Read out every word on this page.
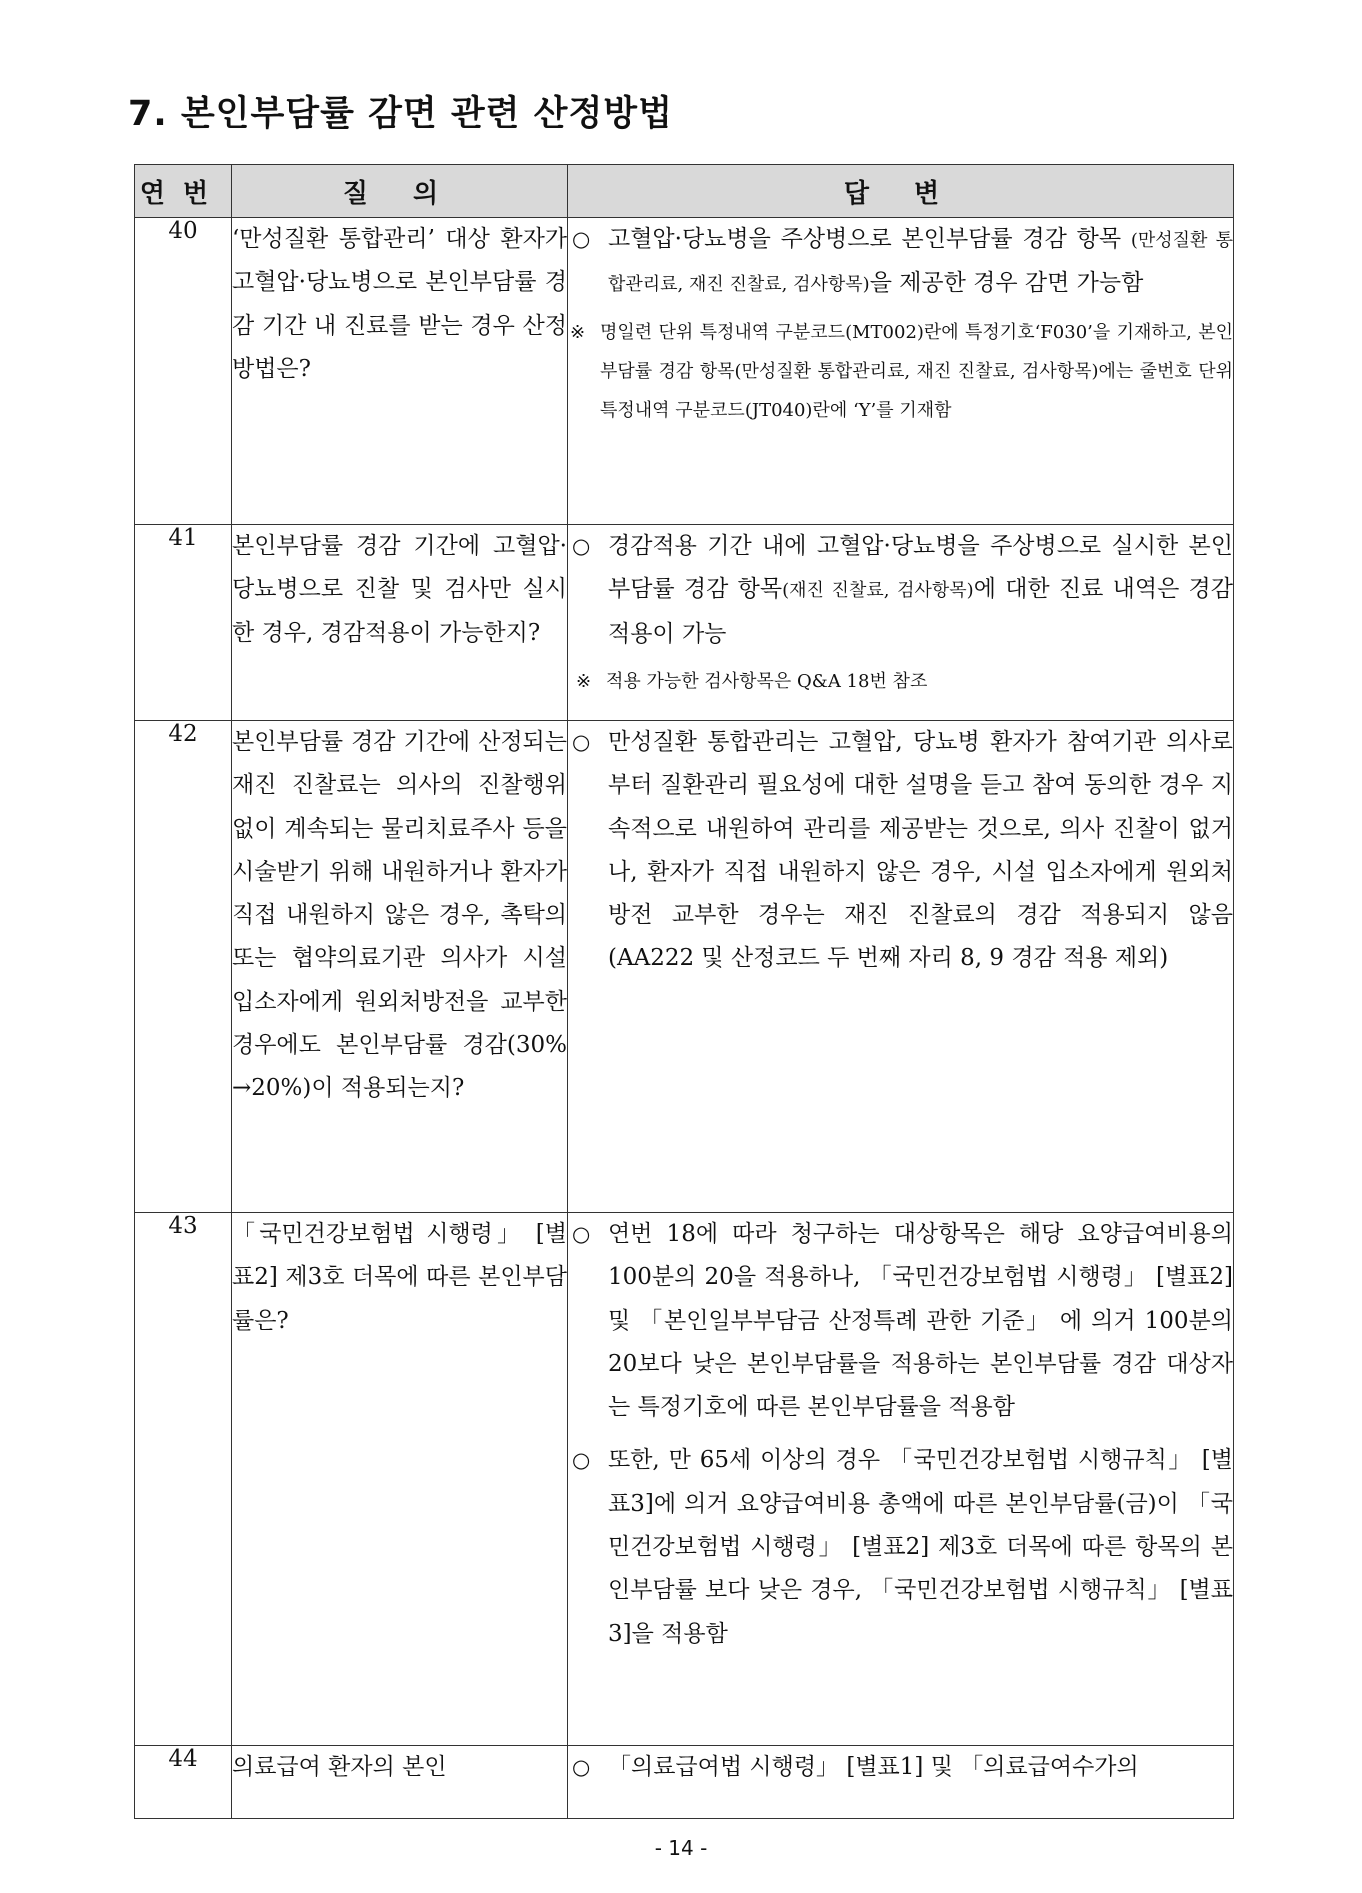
7. 본인부담률 감면 관련 산정방법
연번	질 의	답 변
40	‘만성질환 통합관리’ 대상 환자가 고혈압·당뇨병으로 본인부담률 경감 기간 내 진료를 받는 경우 산정방법은?	○ 고혈압·당뇨병을 주상병으로 본인부담률 경감 항목 (만성질환 통합관리료, 재진 진찰료, 검사항목)을 제공한 경우 감면 가능함
※ 명일련 단위 특정내역 구분코드(MT002)란에 특정기호‘F030’을 기재하고, 본인부담률 경감 항목(만성질환 통합관리료, 재진 진찰료, 검사항목)에는 줄번호 단위 특정내역 구분코드(JT040)란에 ‘Y’를 기재함

41	본인부담률 경감 기간에 고혈압·당뇨병으로 진찰 및 검사만 실시한 경우, 경감적용이 가능한지?	○ 경감적용 기간 내에 고혈압·당뇨병을 주상병으로 실시한 본인부담률 경감 항목(재진 진찰료, 검사항목)에 대한 진료 내역은 경감적용이 가능
※ 적용 가능한 검사항목은 Q&A 18번 참조

42	본인부담률 경감 기간에 산정되는 재진 진찰료는 의사의 진찰행위 없이 계속되는 물리치료주사 등을 시술받기 위해 내원하거나 환자가 직접 내원하지 않은 경우, 촉탁의 또는 협약의료기관 의사가 시설 입소자에게 원외처방전을 교부한 경우에도 본인부담률 경감(30% →20%)이 적용되는지?	○ 만성질환 통합관리는 고혈압, 당뇨병 환자가 참여기관 의사로부터 질환관리 필요성에 대한 설명을 듣고 참여 동의한 경우 지속적으로 내원하여 관리를 제공받는 것으로, 의사 진찰이 없거나, 환자가 직접 내원하지 않은 경우, 시설 입소자에게 원외처방전 교부한 경우는 재진 진찰료의 경감 적용되지 않음 (AA222 및 산정코드 두 번째 자리 8, 9 경감 적용 제외)

43	「국민건강보험법 시행령」 [별표2] 제3호 더목에 따른 본인부담률은?	○ 연번 18에 따라 청구하는 대상항목은 해당 요양급여비용의 100분의 20을 적용하나, 「국민건강보험법 시행령」 [별표2] 및 「본인일부부담금 산정특례 관한 기준」 에 의거 100분의 20보다 낮은 본인부담률을 적용하는 본인부담률 경감 대상자는 특정기호에 따른 본인부담률을 적용함
○ 또한, 만 65세 이상의 경우 「국민건강보험법 시행규칙」 [별표3]에 의거 요양급여비용 총액에 따른 본인부담률(금)이 「국민건강보험법 시행령」 [별표2] 제3호 더목에 따른 항목의 본인부담률 보다 낮은 경우, 「국민건강보험법 시행규칙」 [별표3]을 적용함

44	의료급여 환자의 본인	○ 「의료급여법 시행령」 [별표1] 및 「의료급여수가의
- 14 -
